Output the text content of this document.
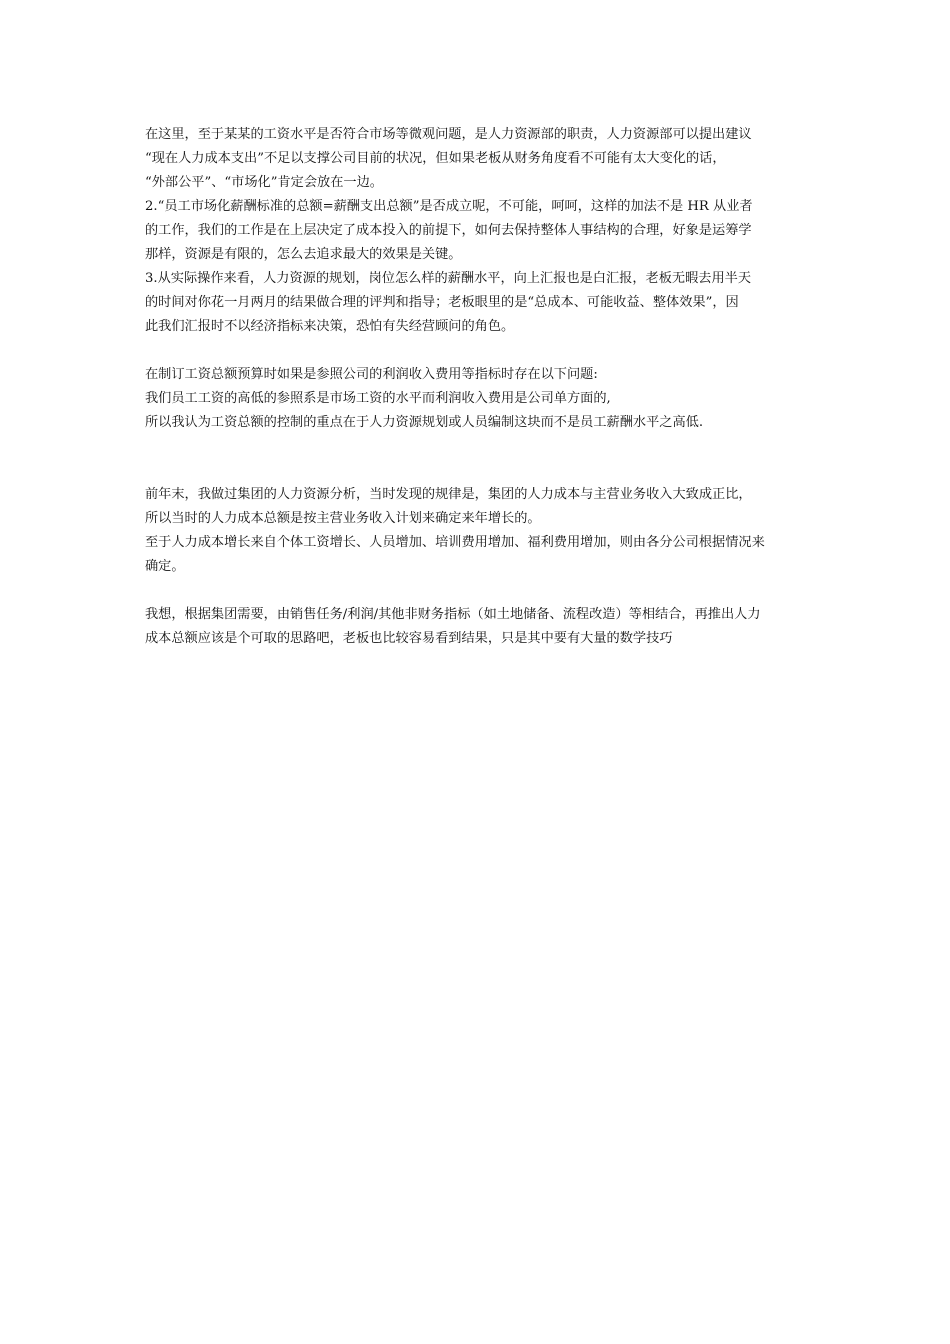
在这里，至于某某的工资水平是否符合市场等微观问题，是人力资源部的职责，人力资源部可以提出建议
“现在人力成本支出”不足以支撑公司目前的状况，但如果老板从财务角度看不可能有太大变化的话，
“外部公平”、“市场化”肯定会放在一边。
2.“员工市场化薪酬标准的总额=薪酬支出总额”是否成立呢，不可能，呵呵，这样的加法不是 HR 从业者
的工作，我们的工作是在上层决定了成本投入的前提下，如何去保持整体人事结构的合理，好象是运筹学
那样，资源是有限的，怎么去追求最大的效果是关键。
3.从实际操作来看，人力资源的规划，岗位怎么样的薪酬水平，向上汇报也是白汇报，老板无暇去用半天
的时间对你花一月两月的结果做合理的评判和指导；老板眼里的是“总成本、可能收益、整体效果”，因
此我们汇报时不以经济指标来决策，恐怕有失经营顾问的角色。
在制订工资总额预算时如果是参照公司的利润收入费用等指标时存在以下问题:
我们员工工资的高低的参照系是市场工资的水平而利润收入费用是公司单方面的,
所以我认为工资总额的控制的重点在于人力资源规划或人员编制这块而不是员工薪酬水平之高低.
前年末，我做过集团的人力资源分析，当时发现的规律是，集团的人力成本与主营业务收入大致成正比，
所以当时的人力成本总额是按主营业务收入计划来确定来年增长的。
至于人力成本增长来自个体工资增长、人员增加、培训费用增加、福利费用增加，则由各分公司根据情况来
确定。
我想，根据集团需要，由销售任务/利润/其他非财务指标（如土地储备、流程改造）等相结合，再推出人力
成本总额应该是个可取的思路吧，老板也比较容易看到结果，只是其中要有大量的数学技巧
